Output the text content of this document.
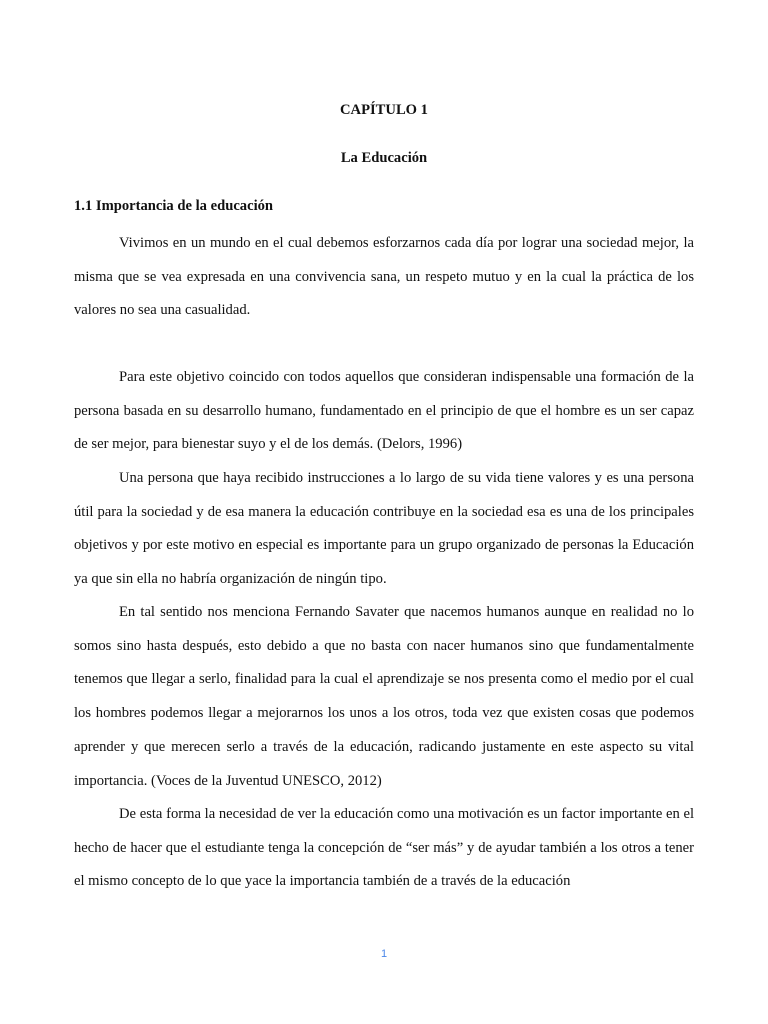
CAPÍTULO 1
La Educación
1.1 Importancia de la educación

Vivimos en un mundo en el cual debemos esforzarnos cada día por lograr una sociedad mejor, la misma que se vea expresada en una convivencia sana, un respeto mutuo y en la cual la práctica de los valores no sea una casualidad.

Para este objetivo coincido con todos aquellos que consideran indispensable una formación de la persona basada en su desarrollo humano, fundamentado en el principio de que el hombre es un ser capaz de ser mejor, para bienestar suyo y el de los demás. (Delors, 1996)

Una persona que haya recibido instrucciones a lo largo de su vida tiene valores y es una persona útil para la sociedad y de esa manera la educación contribuye en la sociedad esa es una de los principales objetivos y por este motivo en especial es importante para un grupo organizado de personas la Educación ya que sin ella no habría organización de ningún tipo.

En tal sentido nos menciona Fernando Savater que nacemos humanos aunque en realidad no lo somos sino hasta después, esto debido a que no basta con nacer humanos sino que fundamentalmente tenemos que llegar a serlo, finalidad para la cual el aprendizaje se nos presenta como el medio por el cual los hombres podemos llegar a mejorarnos los unos a los otros, toda vez que existen cosas que podemos aprender y que merecen serlo a través de la educación, radicando justamente en este aspecto su vital importancia. (Voces de la Juventud UNESCO, 2012)

De esta forma la necesidad de ver la educación como una motivación es un factor importante en el hecho de hacer que el estudiante tenga la concepción de “ser más” y de ayudar también a los otros a tener el mismo concepto de lo que yace la importancia también de a través de la educación

1
